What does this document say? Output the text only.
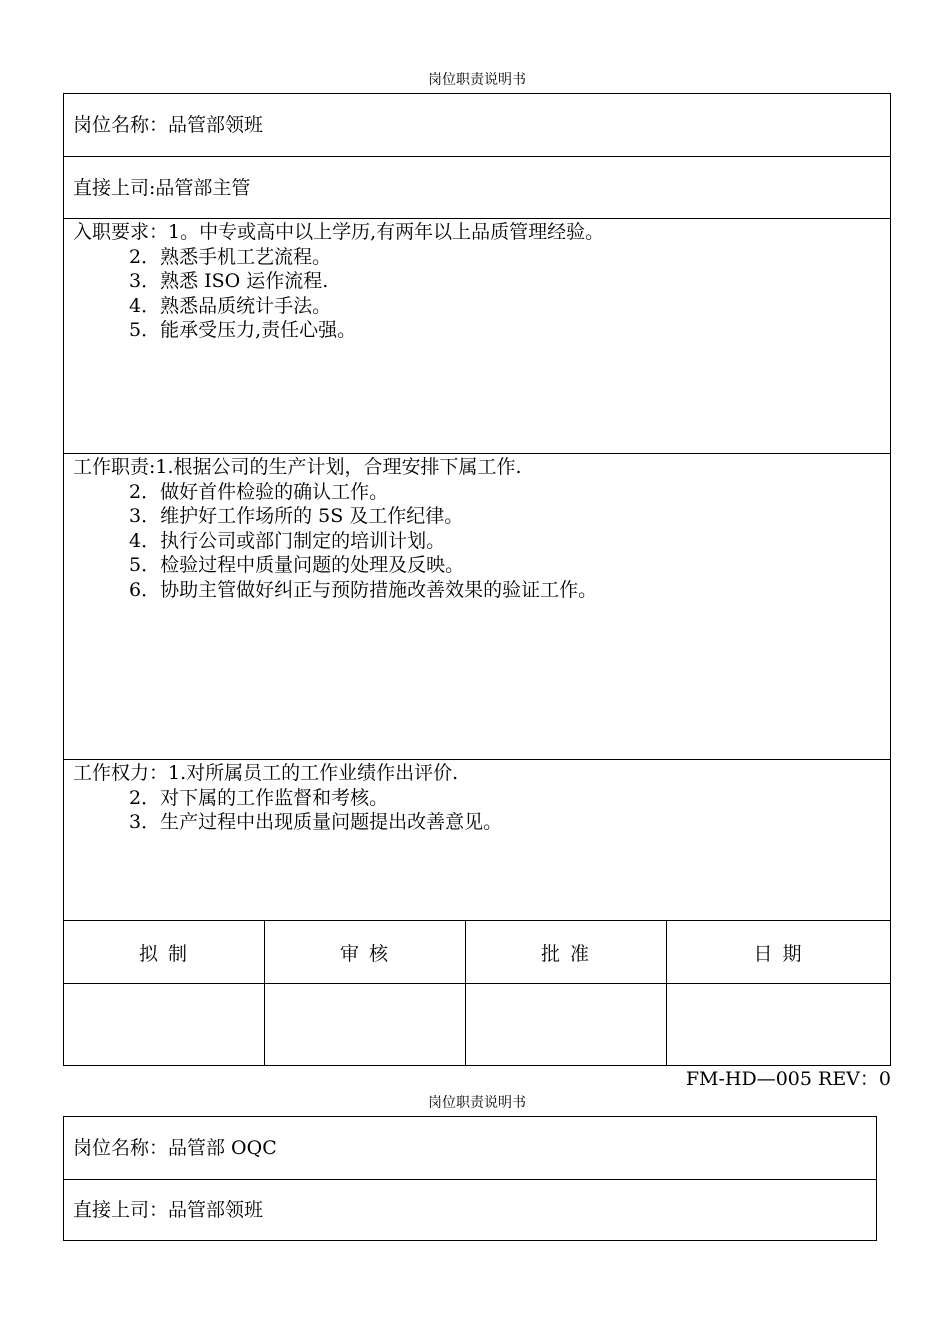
岗位职责说明书
岗位名称：品管部领班
直接上司:品管部主管
入职要求：1。中专或高中以上学历,有两年以上品质管理经验。
2．熟悉手机工艺流程。
3．熟悉 ISO 运作流程.
4．熟悉品质统计手法。
5．能承受压力,责任心强。
工作职责:1.根据公司的生产计划，合理安排下属工作.
2．做好首件检验的确认工作。
3．维护好工作场所的 5S 及工作纪律。
4．执行公司或部门制定的培训计划。
5．检验过程中质量问题的处理及反映。
6．协助主管做好纠正与预防措施改善效果的验证工作。
工作权力：1.对所属员工的工作业绩作出评价.
2．对下属的工作监督和考核。
3．生产过程中出现质量问题提出改善意见。
拟 制	审 核	批 准	日 期
FM-HD—005 REV：0
岗位职责说明书
岗位名称：品管部 OQC
直接上司：品管部领班
